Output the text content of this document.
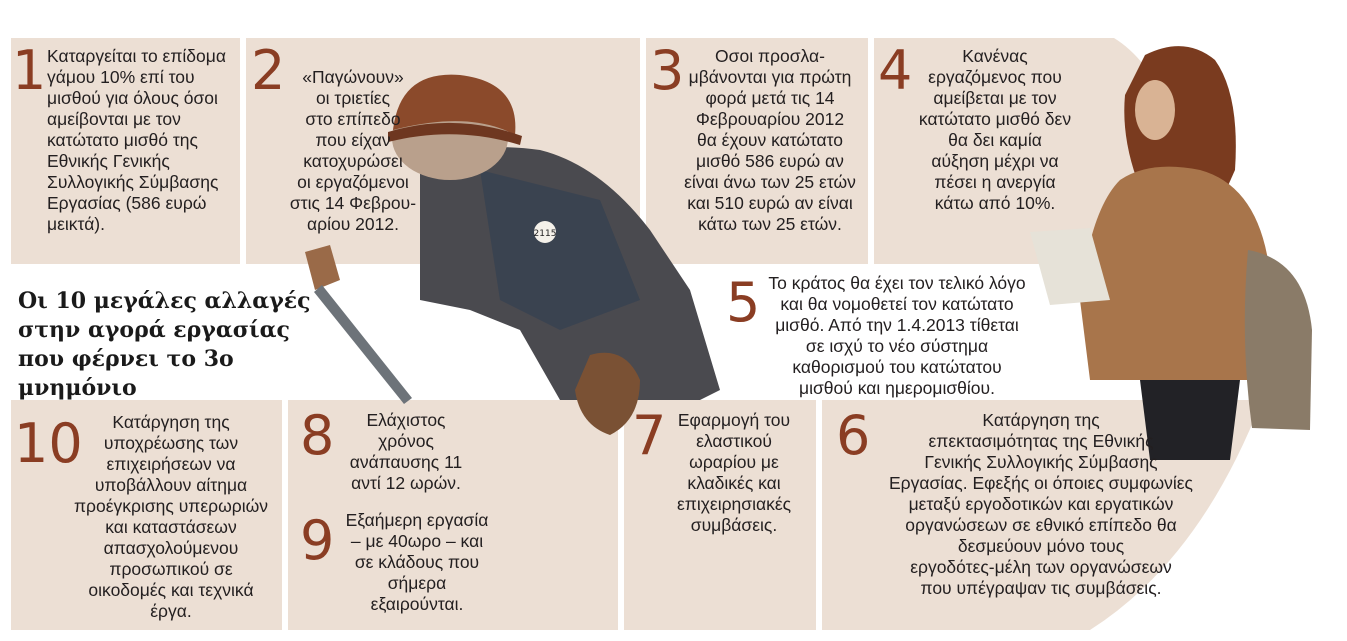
2115
1 Καταργείται το επίδομα
γάμου 10% επί του
μισθού για όλους όσοι
αμείβονται με τον
κατώτατο μισθό της
Εθνικής Γενικής
Συλλογικής Σύμβασης
Εργασίας (586 ευρώ
μεικτά).
2 «Παγώνουν»
οι τριετίες
στο επίπεδο
που είχαν
κατοχυρώσει
οι εργαζόμενοι
στις 14 Φεβρου-
αρίου 2012.
3	Οσοι προσλα-
μβάνονται για πρώτη
φορά μετά τις 14
Φεβρουαρίου 2012
θα έχουν κατώτατο
μισθό 586 ευρώ αν
είναι άνω των 25 ετών
και 510 ευρώ αν είναι
κάτω των 25 ετών.
4	Κανένας
εργαζόμενος που
αμείβεται με τον
κατώτατο μισθό δεν
θα δει καμία
αύξηση μέχρι να
πέσει η ανεργία
κάτω από 10%.
Οι 10 μεγάλες αλλαγές
στην αγορά εργασίας
που φέρνει το 3ο μνημόνιο
5 Το κράτος θα έχει τον τελικό λόγο
και θα νομοθετεί τον κατώτατο
μισθό. Από την 1.4.2013 τίθεται
σε ισχύ το νέο σύστημα
καθορισμού του κατώτατου
μισθού και ημερομισθίου.
10	Κατάργηση της
υποχρέωσης των
επιχειρήσεων να
υποβάλλουν αίτημα
προέγκρισης υπερωριών
και καταστάσεων
απασχολούμενου
προσωπικού σε
οικοδομές και τεχνικά
έργα.
8	Ελάχιστος
χρόνος
ανάπαυσης 11
αντί 12 ωρών.
9 Εξαήμερη εργασία
– με 40ωρο – και
σε κλάδους που
σήμερα
εξαιρούνται.
7 Εφαρμογή του
ελαστικού
ωραρίου με
κλαδικές και
επιχειρησιακές
συμβάσεις.
6	Κατάργηση της
επεκτασιμότητας της Εθνικής
Γενικής Συλλογικής Σύμβασης
Εργασίας. Εφεξής οι όποιες συμφωνίες
μεταξύ εργοδοτικών και εργατικών
οργανώσεων σε εθνικό επίπεδο θα
δεσμεύουν μόνο τους
εργοδότες-μέλη των οργανώσεων
που υπέγραψαν τις συμβάσεις.
